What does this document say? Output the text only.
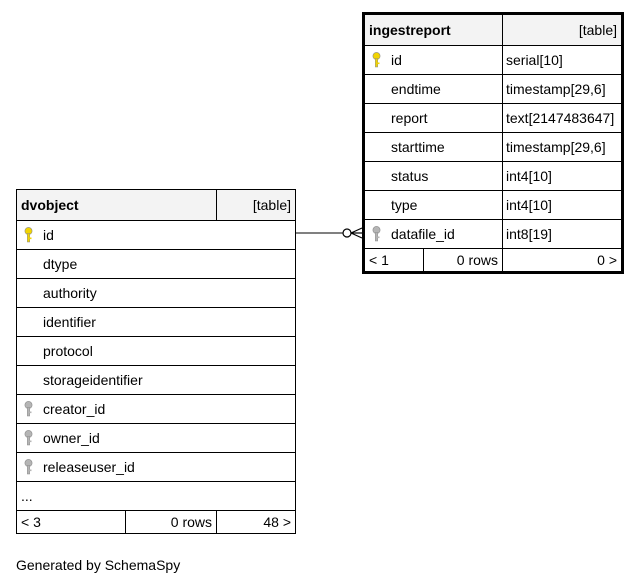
dvobject		[table]

id		
dtype		
authority		
identifier		
protocol		
storageidentifier		

creator_id		

owner_id		

releaseuser_id		
...		
< 3	0 rows	48 >
ingestreport		[table]

id		serial[10]
endtime		timestamp[29,6]
report		text[2147483647]
starttime		timestamp[29,6]
status		int4[10]
type		int4[10]

datafile_id		int8[19]
< 1	0 rows	0 >
Generated by SchemaSpy
